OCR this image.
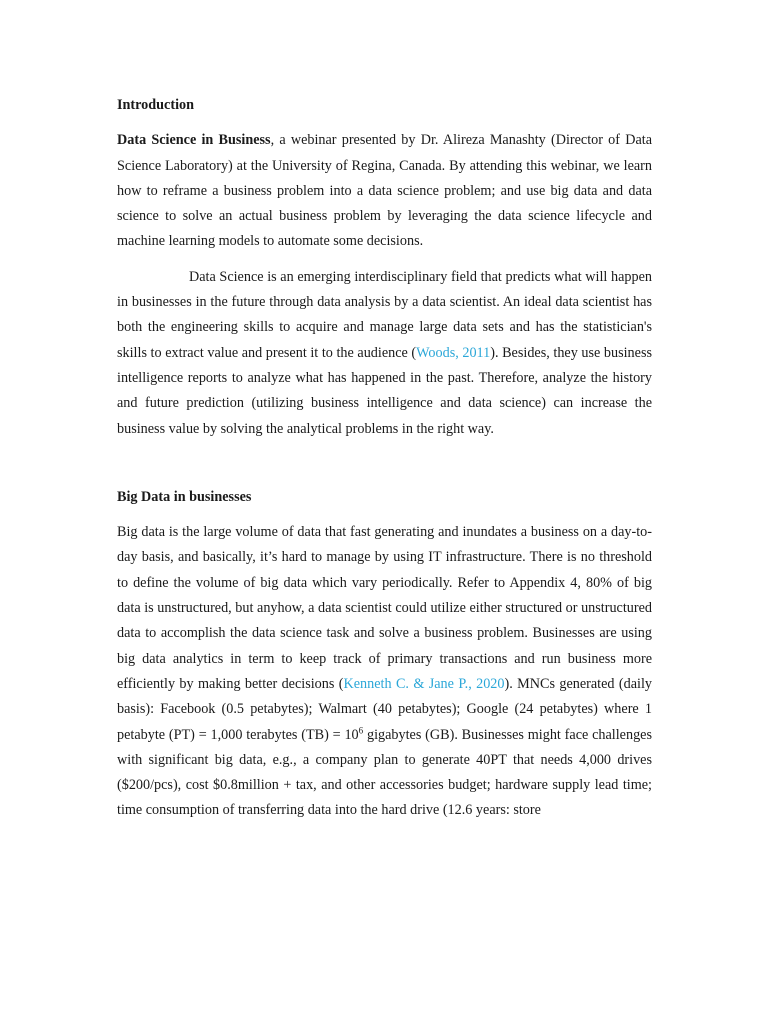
Introduction

Data Science in Business, a webinar presented by Dr. Alireza Manashty (Director of Data Science Laboratory) at the University of Regina, Canada. By attending this webinar, we learn how to reframe a business problem into a data science problem; and use big data and data science to solve an actual business problem by leveraging the data science lifecycle and machine learning models to automate some decisions.

Data Science is an emerging interdisciplinary field that predicts what will happen in businesses in the future through data analysis by a data scientist. An ideal data scientist has both the engineering skills to acquire and manage large data sets and has the statistician's skills to extract value and present it to the audience (Woods, 2011). Besides, they use business intelligence reports to analyze what has happened in the past. Therefore, analyze the history and future prediction (utilizing business intelligence and data science) can increase the business value by solving the analytical problems in the right way.

Big Data in businesses

Big data is the large volume of data that fast generating and inundates a business on a day-to-day basis, and basically, it’s hard to manage by using IT infrastructure. There is no threshold to define the volume of big data which vary periodically. Refer to Appendix 4, 80% of big data is unstructured, but anyhow, a data scientist could utilize either structured or unstructured data to accomplish the data science task and solve a business problem. Businesses are using big data analytics in term to keep track of primary transactions and run business more efficiently by making better decisions (Kenneth C. & Jane P., 2020). MNCs generated (daily basis): Facebook (0.5 petabytes); Walmart (40 petabytes); Google (24 petabytes) where 1 petabyte (PT) = 1,000 terabytes $(TB) = 10^6$ gigabytes (GB). Businesses might face challenges with significant big data, e.g., a company plan to generate 40PT that needs 4,000 drives ($200/pcs), cost $0.8million + tax, and other accessories budget; hardware supply lead time; time consumption of transferring data into the hard drive (12.6 years: store
